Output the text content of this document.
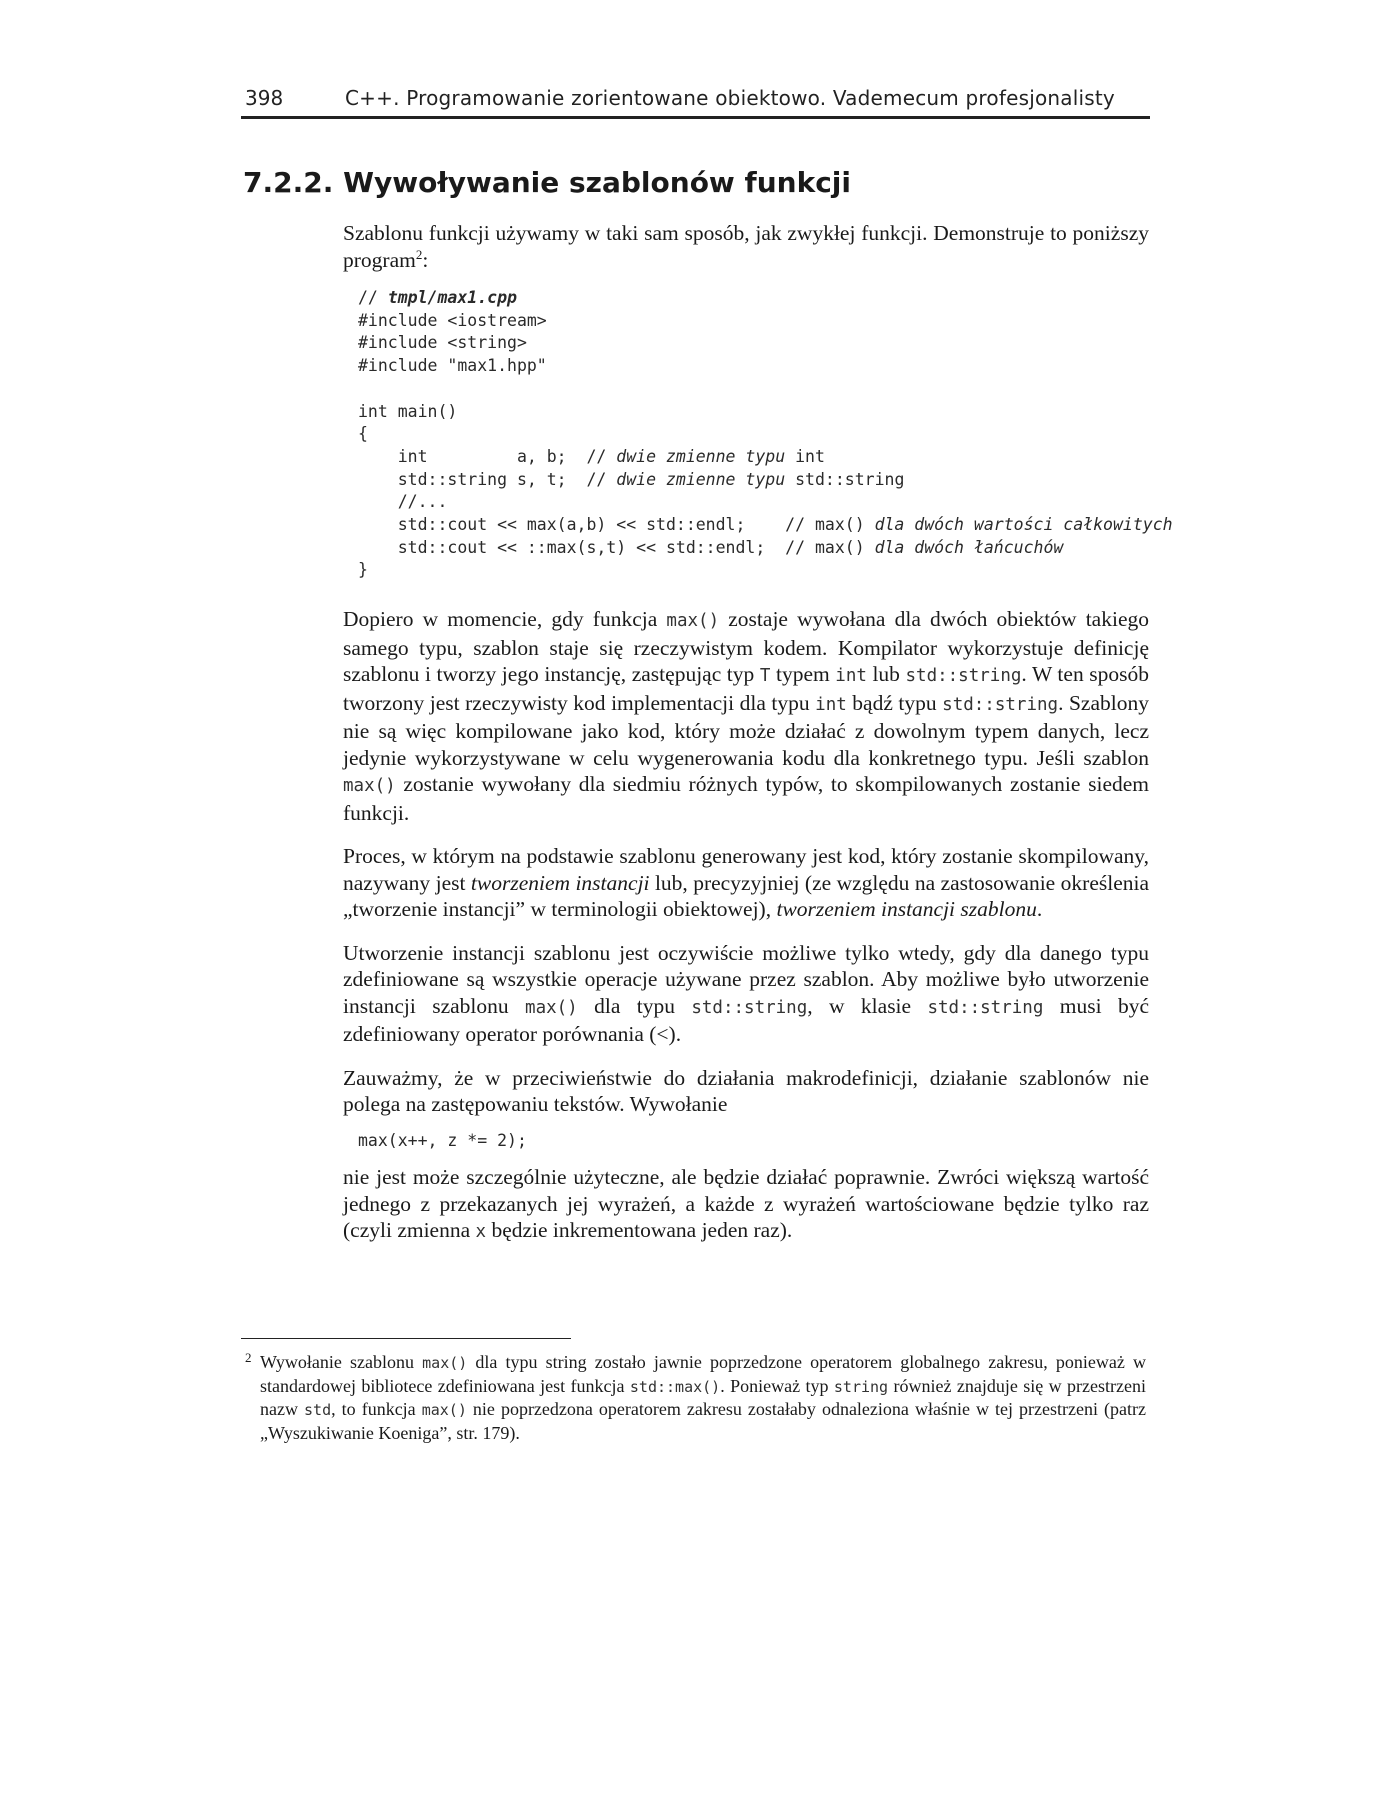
398	C++. Programowanie zorientowane obiektowo. Vademecum profesjonalisty
7.2.2. Wywoływanie szablonów funkcji

Szablonu funkcji używamy w taki sam sposób, jak zwykłej funkcji. Demonstruje to poniższy program$^2$:

// tmpl/max1.cpp
#include <iostream>
#include <string>
#include "max1.hpp"

int main()
{
int         a, b;  // dwie zmienne typu int
std::string s, t;  // dwie zmienne typu std::string
//...
std::cout << max(a,b) << std::endl;    // max() dla dwóch wartości całkowitych
std::cout << ::max(s,t) << std::endl;  // max() dla dwóch łańcuchów
}

Dopiero w momencie, gdy funkcja max() zostaje wywołana dla dwóch obiektów takiego samego typu, szablon staje się rzeczywistym kodem. Kompilator wykorzystuje definicję szablonu i tworzy jego instancję, zastępując typ T typem int lub std::string. W ten sposób tworzony jest rzeczywisty kod implementacji dla typu int bądź typu std::string. Szablony nie są więc kompilowane jako kod, który może działać z dowolnym typem danych, lecz jedynie wykorzystywane w celu wygenerowania kodu dla konkretnego typu. Jeśli szablon max() zostanie wywołany dla siedmiu różnych typów, to skompilowanych zostanie siedem funkcji.

Proces, w którym na podstawie szablonu generowany jest kod, który zostanie skompilowany, nazywany jest tworzeniem instancji lub, precyzyjniej (ze względu na zastosowanie określenia „tworzenie instancji” w terminologii obiektowej), tworzeniem instancji szablonu.

Utworzenie instancji szablonu jest oczywiście możliwe tylko wtedy, gdy dla danego typu zdefiniowane są wszystkie operacje używane przez szablon. Aby możliwe było utworzenie instancji szablonu max() dla typu std::string, w klasie std::string musi być zdefiniowany operator porównania (<).

Zauważmy, że w przeciwieństwie do działania makrodefinicji, działanie szablonów nie polega na zastępowaniu tekstów. Wywołanie

max(x++, z *= 2);

nie jest może szczególnie użyteczne, ale będzie działać poprawnie. Zwróci większą wartość jednego z przekazanych jej wyrażeń, a każde z wyrażeń wartościowane będzie tylko raz (czyli zmienna x będzie inkrementowana jeden raz).

2 Wywołanie szablonu max() dla typu string zostało jawnie poprzedzone operatorem globalnego zakresu, ponieważ w standardowej bibliotece zdefiniowana jest funkcja std::max(). Ponieważ typ string również znajduje się w przestrzeni nazw std, to funkcja max() nie poprzedzona operatorem zakresu zostałaby odnaleziona właśnie w tej przestrzeni (patrz „Wyszukiwanie Koeniga”, str. 179).
